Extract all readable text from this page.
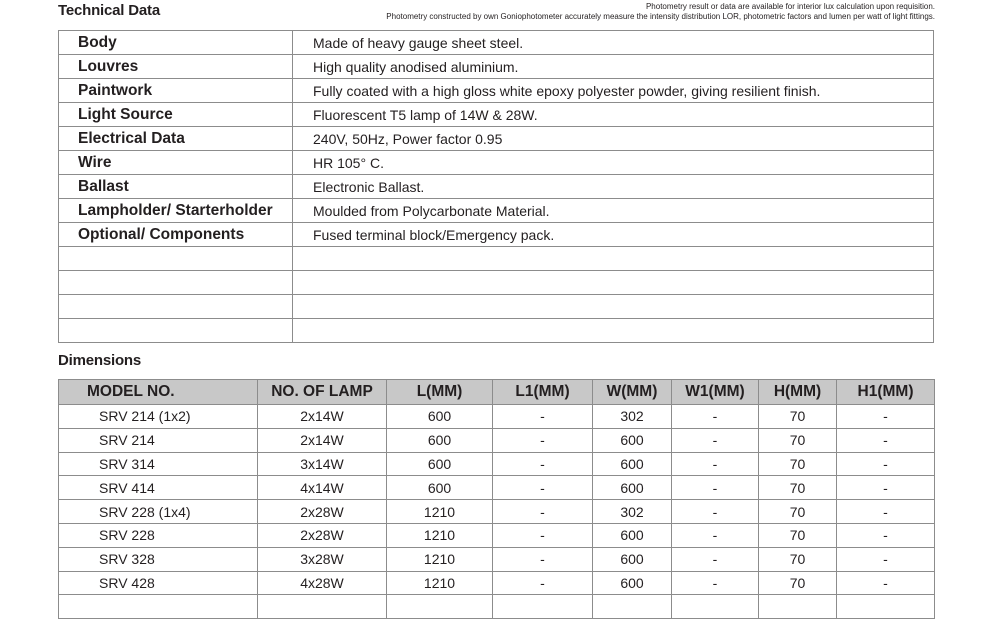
Technical Data	Photometry result or data are available for interior lux calculation upon requisition.
Photometry constructed by own Goniophotometer accurately measure the intensity distribution LOR, photometric factors and lumen per watt of light fittings.
Body	Made of heavy gauge sheet steel.
Louvres	High quality anodised aluminium.
Paintwork	Fully coated with a high gloss white epoxy polyester powder, giving resilient finish.
Light Source	Fluorescent T5 lamp of 14W & 28W.
Electrical Data	240V, 50Hz, Power factor 0.95
Wire	HR 105° C.
Ballast	Electronic Ballast.
Lampholder/ Starterholder	Moulded from Polycarbonate Material.
Optional/ Components	Fused terminal block/Emergency pack.

Dimensions
MODEL NO.	NO. OF LAMP	L(MM)	L1(MM)	W(MM)	W1(MM)	H(MM)	H1(MM)
SRV 214 (1x2)	2x14W	600	-	302	-	70	-
SRV 214	2x14W	600	-	600	-	70	-
SRV 314	3x14W	600	-	600	-	70	-
SRV 414	4x14W	600	-	600	-	70	-
SRV 228 (1x4)	2x28W	1210	-	302	-	70	-
SRV 228	2x28W	1210	-	600	-	70	-
SRV 328	3x28W	1210	-	600	-	70	-
SRV 428	4x28W	1210	-	600	-	70	-
